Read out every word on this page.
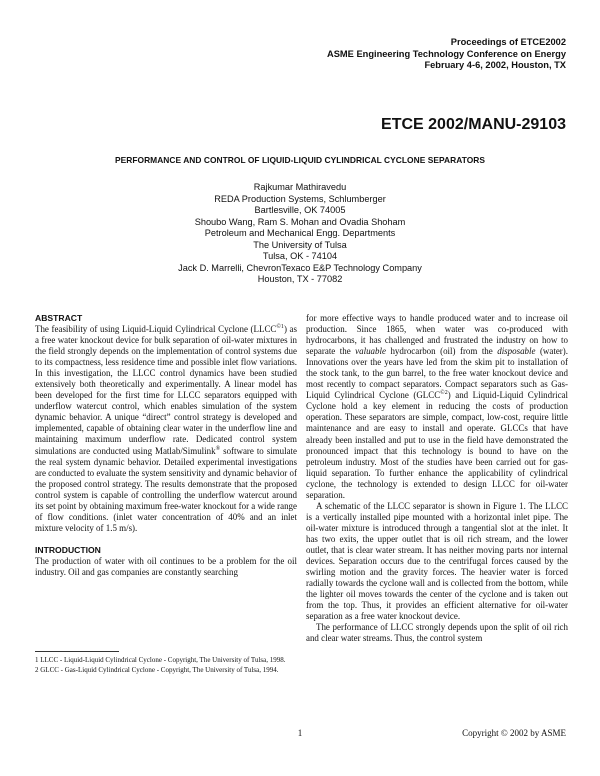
Proceedings of ETCE2002
ASME Engineering Technology Conference on Energy
February 4-6, 2002, Houston, TX
ETCE 2002/MANU-29103
PERFORMANCE AND CONTROL OF LIQUID-LIQUID CYLINDRICAL CYCLONE SEPARATORS
Rajkumar Mathiravedu
REDA Production Systems, Schlumberger
Bartlesville, OK 74005
Shoubo Wang, Ram S. Mohan and Ovadia Shoham
Petroleum and Mechanical Engg. Departments
The University of Tulsa
Tulsa, OK - 74104
Jack D. Marrelli, ChevronTexaco E&P Technology Company
Houston, TX - 77082

ABSTRACT

The feasibility of using Liquid-Liquid Cylindrical Cyclone $(LLCC^{©1})$ as a free water knockout device for bulk separation of oil-water mixtures in the field strongly depends on the implementation of control systems due to its compactness, less residence time and possible inlet flow variations. In this investigation, the LLCC control dynamics have been studied extensively both theoretically and experimentally. A linear model has been developed for the first time for LLCC separators equipped with underflow watercut control, which enables simulation of the system dynamic behavior. A unique “direct” control strategy is developed and implemented, capable of obtaining clear water in the underflow line and maintaining maximum underflow rate. Dedicated control system simulations are conducted using Matlab/Simulink® software to simulate the real system dynamic behavior. Detailed experimental investigations are conducted to evaluate the system sensitivity and dynamic behavior of the proposed control strategy. The results demonstrate that the proposed control system is capable of controlling the underflow watercut around its set point by obtaining maximum free-water knockout for a wide range of flow conditions. (inlet water concentration of 40% and an inlet mixture velocity of 1.5 m/s).

INTRODUCTION

The production of water with oil continues to be a problem for the oil industry. Oil and gas companies are constantly searching

for more effective ways to handle produced water and to increase oil production. Since 1865, when water was co-produced with hydrocarbons, it has challenged and frustrated the industry on how to separate the valuable hydrocarbon (oil) from the disposable (water). Innovations over the years have led from the skim pit to installation of the stock tank, to the gun barrel, to the free water knockout device and most recently to compact separators. Compact separators such as Gas-Liquid Cylindrical Cyclone $(GLCC^{©2})$ and Liquid-Liquid Cylindrical Cyclone hold a key element in reducing the costs of production operation. These separators are simple, compact, low-cost, require little maintenance and are easy to install and operate. GLCCs that have already been installed and put to use in the field have demonstrated the pronounced impact that this technology is bound to have on the petroleum industry. Most of the studies have been carried out for gas-liquid separation. To further enhance the applicability of cylindrical cyclone, the technology is extended to design LLCC for oil-water separation.

A schematic of the LLCC separator is shown in Figure 1. The LLCC is a vertically installed pipe mounted with a horizontal inlet pipe. The oil-water mixture is introduced through a tangential slot at the inlet. It has two exits, the upper outlet that is oil rich stream, and the lower outlet, that is clear water stream. It has neither moving parts nor internal devices. Separation occurs due to the centrifugal forces caused by the swirling motion and the gravity forces. The heavier water is forced radially towards the cyclone wall and is collected from the bottom, while the lighter oil moves towards the center of the cyclone and is taken out from the top. Thus, it provides an efficient alternative for oil-water separation as a free water knockout device.

The performance of LLCC strongly depends upon the split of oil rich and clear water streams. Thus, the control system

1 LLCC - Liquid-Liquid Cylindrical Cyclone - Copyright, The University of Tulsa, 1998.

2 GLCC - Gas-Liquid Cylindrical Cyclone - Copyright, The University of Tulsa, 1994.

1	Copyright © 2002 by ASME
